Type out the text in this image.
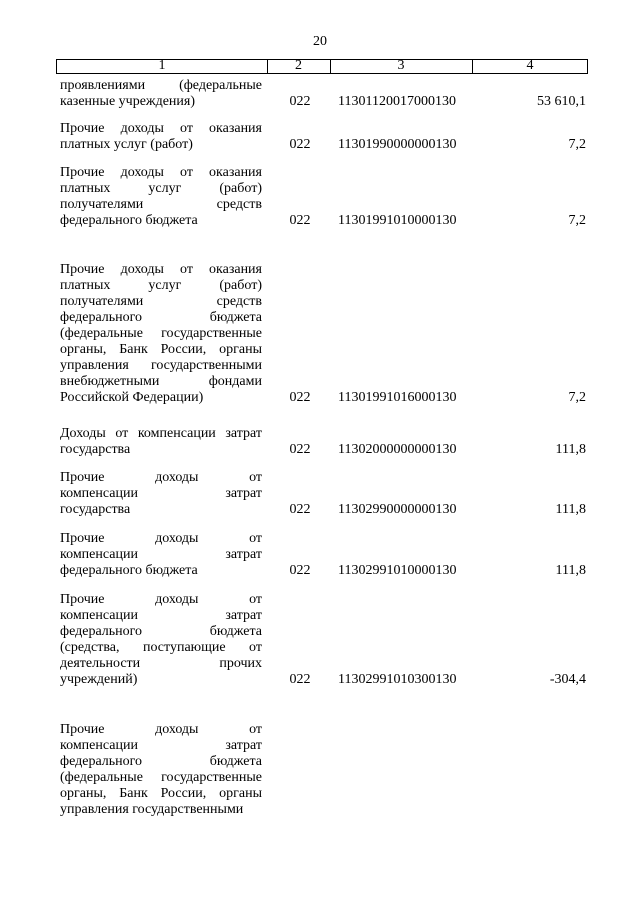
20
1	2	3	4
проявлениями (федеральные
казенные учреждения)	022 11301120017000130	53 610,1
Прочие доходы от оказания
платных услуг (работ)	022 11301990000000130	7,2
Прочие доходы от оказания
платных услуг (работ)
получателями средств
федерального бюджета	022 11301991010000130	7,2
Прочие доходы от оказания
платных услуг (работ)
получателями средств
федерального бюджета
(федеральные государственные
органы, Банк России, органы
управления государственными
внебюджетными фондами
Российской Федерации)	022 11301991016000130	7,2
Доходы от компенсации затрат
государства	022 11302000000000130	111,8
Прочие доходы от
компенсации затрат
государства	022 11302990000000130	111,8
Прочие доходы от
компенсации затрат
федерального бюджета	022 11302991010000130	111,8
Прочие доходы от
компенсации затрат
федерального бюджета
(средства, поступающие от
деятельности прочих
учреждений)	022 11302991010300130	-304,4
Прочие доходы от
компенсации затрат
федерального бюджета
(федеральные государственные
органы, Банк России, органы
управления государственными
